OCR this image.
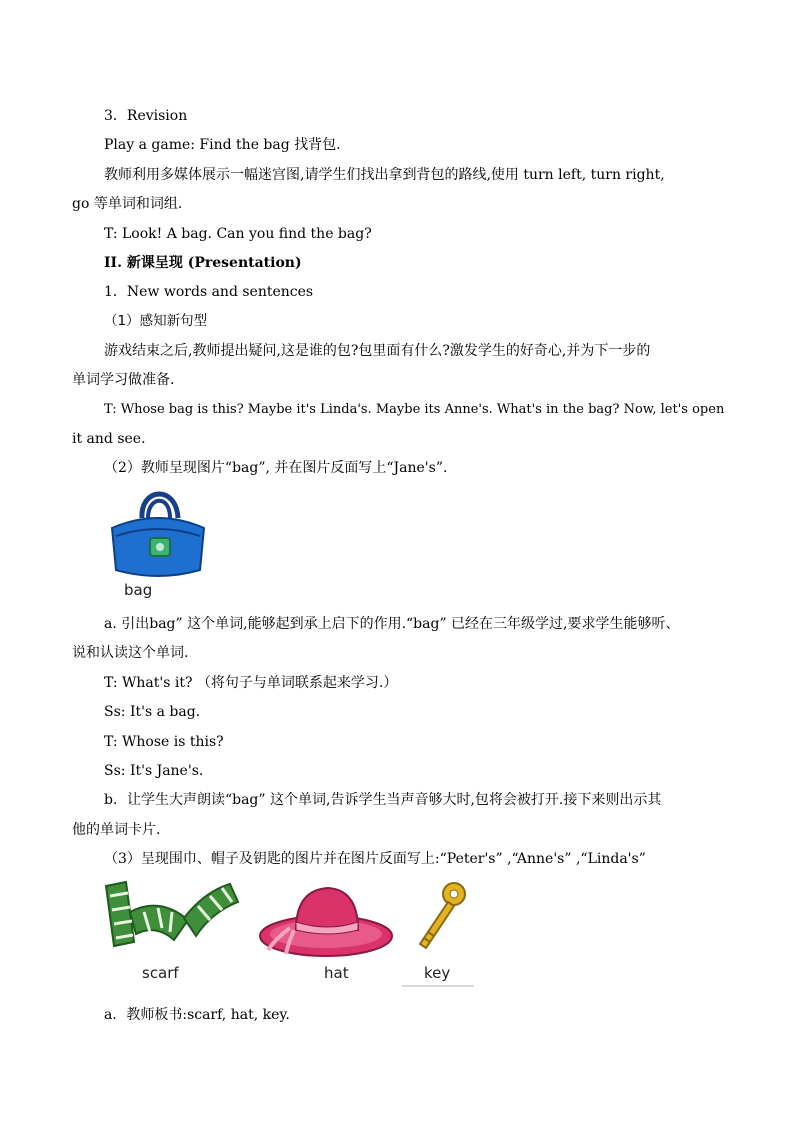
3．Revision
Play a game: Find the bag 找背包.
教师利用多媒体展示一幅迷宫图,请学生们找出拿到背包的路线,使用 turn left, turn right,
go 等单词和词组.
T: Look! A bag. Can you find the bag?
II. 新课呈现 (Presentation)
1．New words and sentences
（1）感知新句型
游戏结束之后,教师提出疑问,这是谁的包?包里面有什么?激发学生的好奇心,并为下一步的
单词学习做准备.
T: Whose bag is this? Maybe it's Linda's. Maybe its Anne's. What's in the bag? Now, let's open
it and see.
（2）教师呈现图片“bag”, 并在图片反面写上“Jane's”.
bag
a. 引出bag” 这个单词,能够起到承上启下的作用.“bag” 已经在三年级学过,要求学生能够听、
说和认读这个单词.
T: What's it? （将句子与单词联系起来学习.）
Ss: It's a bag.
T: Whose is this?
Ss: It's Jane's.
b．让学生大声朗读“bag” 这个单词,告诉学生当声音够大时,包将会被打开.接下来则出示其
他的单词卡片.
（3）呈现围巾、帽子及钥匙的图片并在图片反面写上:“Peter's” ,“Anne's” ,“Linda's”
scarf	hat	key
a．教师板书:scarf, hat, key.
